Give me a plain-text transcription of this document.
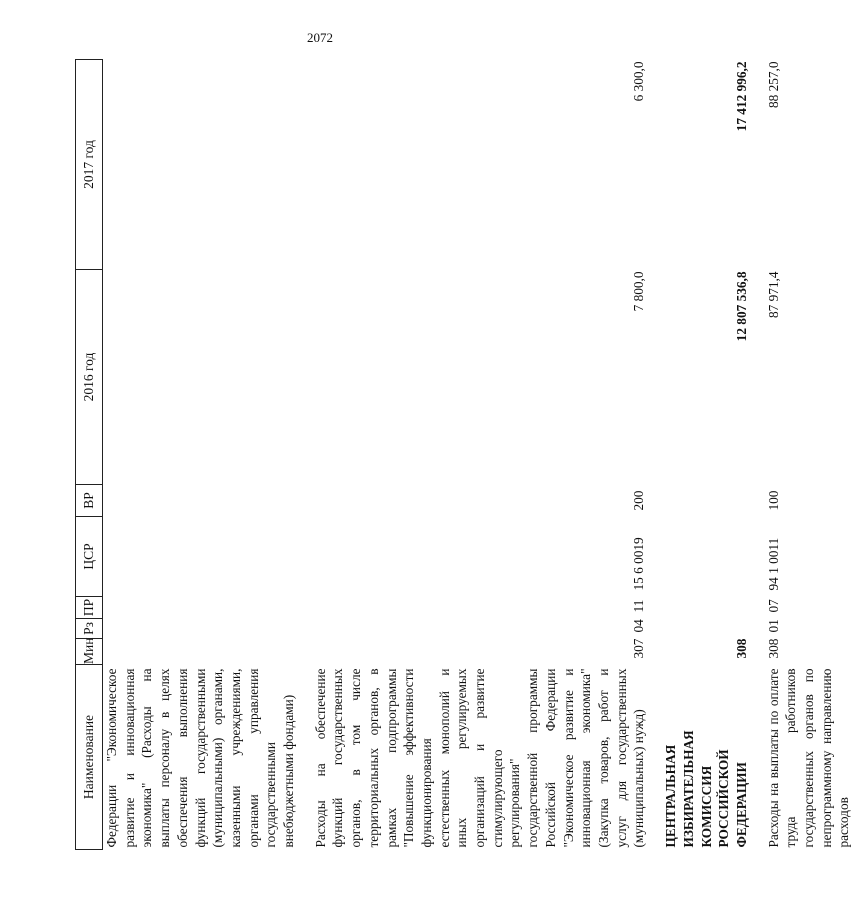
2072
Наименование	Мин	Рз	ПР	ЦСР	ВР	2016 год	2017 год
Федерации "Экономическое развитие и инновационная экономика" (Расходы на выплаты персоналу в целях обеспечения выполнения функций государственными (муниципальными) органами, казенными учреждениями, органами управления государственными внебюджетными фондами)							

Расходы на обеспечение функций государственных органов, в том числе территориальных органов, в рамках подпрограммы "Повышение эффективности функционирования естественных монополий и иных регулируемых организаций и развитие стимулирующего регулирования" государственной программы Российской Федерации "Экономическое развитие и инновационная экономика" (Закупка товаров, работ и услуг для государственных (муниципальных) нужд)	307	04	11	15 6 0019	200	7 800,0	6 300,0

ЦЕНТРАЛЬНАЯ ИЗБИРАТЕЛЬНАЯ КОМИССИЯ РОССИЙСКОЙ ФЕДЕРАЦИИ	308					12 807 536,8	17 412 996,2

Расходы на выплаты по оплате труда работников государственных органов по непрограммному направлению расходов	308	01	07	94 1 0011	100	87 971,4	88 257,0
